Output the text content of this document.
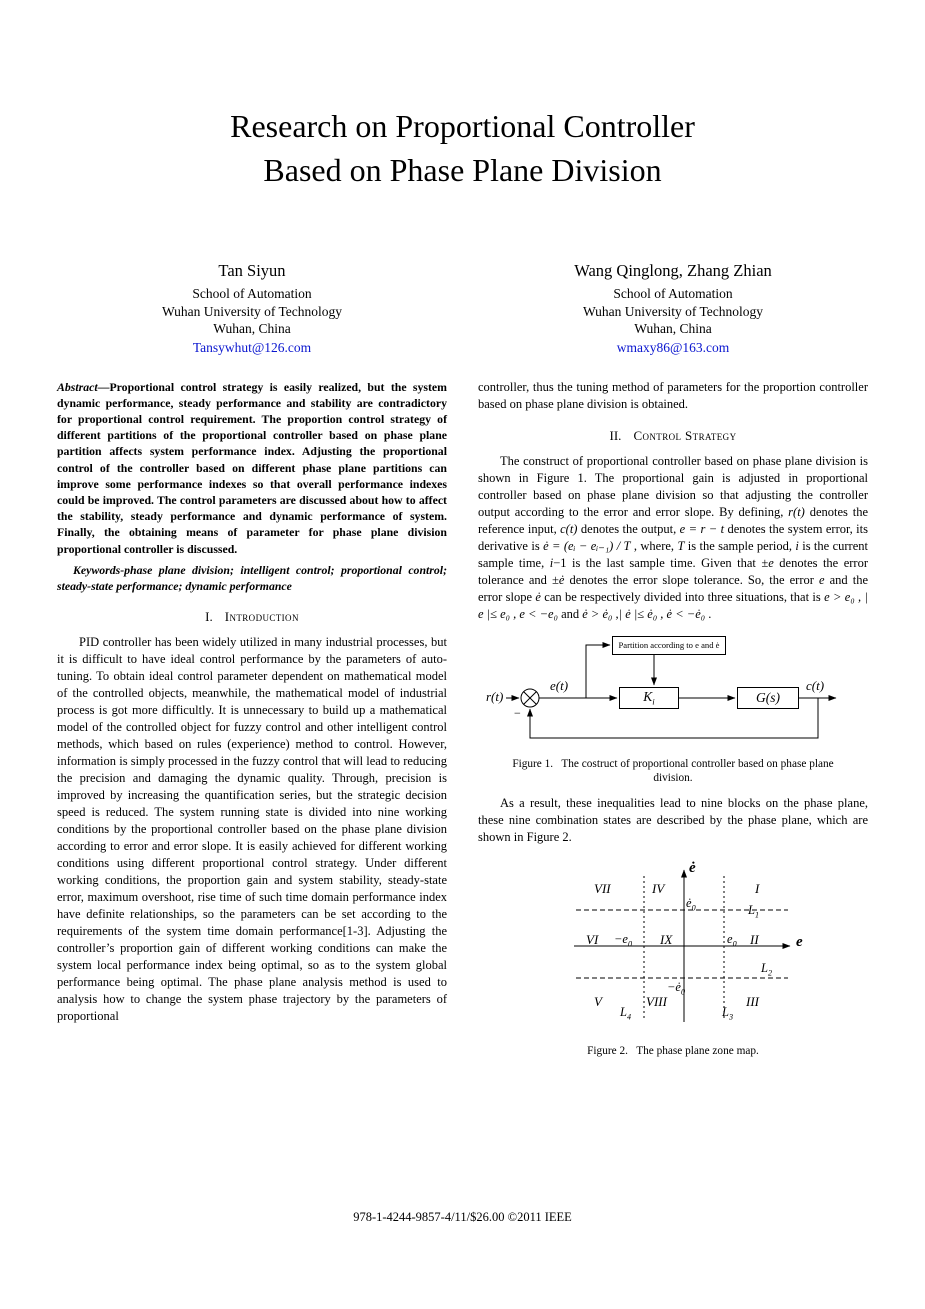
Research on Proportional Controller
Based on Phase Plane Division
Tan Siyun
School of Automation
Wuhan University of Technology
Wuhan, China
Tansywhut@126.com
Wang Qinglong, Zhang Zhian
School of Automation
Wuhan University of Technology
Wuhan, China
wmaxy86@163.com

Abstract—Proportional control strategy is easily realized, but the system dynamic performance, steady performance and stability are contradictory for proportional control requirement. The proportion control strategy of different partitions of the proportional controller based on phase plane partition affects system performance index. Adjusting the proportional control of the controller based on different phase plane partitions can improve some performance indexes so that overall performance indexes could be improved. The control parameters are discussed about how to affect the stability, steady performance and dynamic performance of system. Finally, the obtaining means of parameter for phase plane division proportional controller is discussed.

Keywords-phase plane division; intelligent control; proportional control; steady-state performance; dynamic performance

I. Introduction

PID controller has been widely utilized in many industrial processes, but it is difficult to have ideal control performance by the parameters of auto-tuning. To obtain ideal control parameter dependent on mathematical model of the controlled objects, meanwhile, the mathematical model of industrial process is got more difficultly. It is unnecessary to build up a mathematical model of the controlled object for fuzzy control and other intelligent control methods, which based on rules (experience) method to control. However, information is simply processed in the fuzzy control that will lead to reducing the precision and damaging the dynamic quality. Through, precision is improved by increasing the quantification series, but the strategic decision speed is reduced. The system running state is divided into nine working conditions by the proportional controller based on the phase plane division according to error and error slope. It is easily achieved for different working conditions using different proportional control strategy. Under different working conditions, the proportion gain and system stability, steady-state error, maximum overshoot, rise time of such time domain performance index have definite relationships, so the parameters can be set according to the requirements of the system time domain performance[1-3]. Adjusting the controller’s proportion gain of different working conditions can make the system local performance index being optimal, so as to the system global performance being optimal. The phase plane analysis method is used to analysis how to change the system phase trajectory by the parameters of proportional

controller, thus the tuning method of parameters for the proportion controller based on phase plane division is obtained.

II. Control Strategy

The construct of proportional controller based on phase plane division is shown in Figure 1. The proportional gain is adjusted in proportional controller based on phase plane division so that adjusting the controller output according to the error and error slope. By defining, r(t) denotes the reference input, c(t) denotes the output, e = r − t denotes the system error, its derivative is ė = (eᵢ − eᵢ₋₁) / T , where, T is the sample period, i is the current sample time, i−1 is the last sample time. Given that ±e denotes the error tolerance and ±ė denotes the error slope tolerance. So, the error e and the error slope ė can be respectively divided into three situations, that is e > e₀ , | e |≤ e₀ , e < −e₀ and ė > ė₀ ,| ė |≤ ė₀ , ė < −ė₀ .

Partition according to e and ė
$K_i$	G(s)
r(t)
e(t)	c(t)
−

Figure 1.   The costruct of proportional controller based on phase plane division.

As a result, these inequalities lead to nine blocks on the phase plane, these nine combination states are described by the phase plane, which are shown in Figure 2.

VII	IV	I
VI	IX	II
V	VIII	III
$ė_0$
$-e_0$	$e_0$
$-ė_0$
$L_1$
$L_2$
$L_3$
$L_4$
ė
e

Figure 2.   The phase plane zone map.

978-1-4244-9857-4/11/$26.00 ©2011 IEEE
